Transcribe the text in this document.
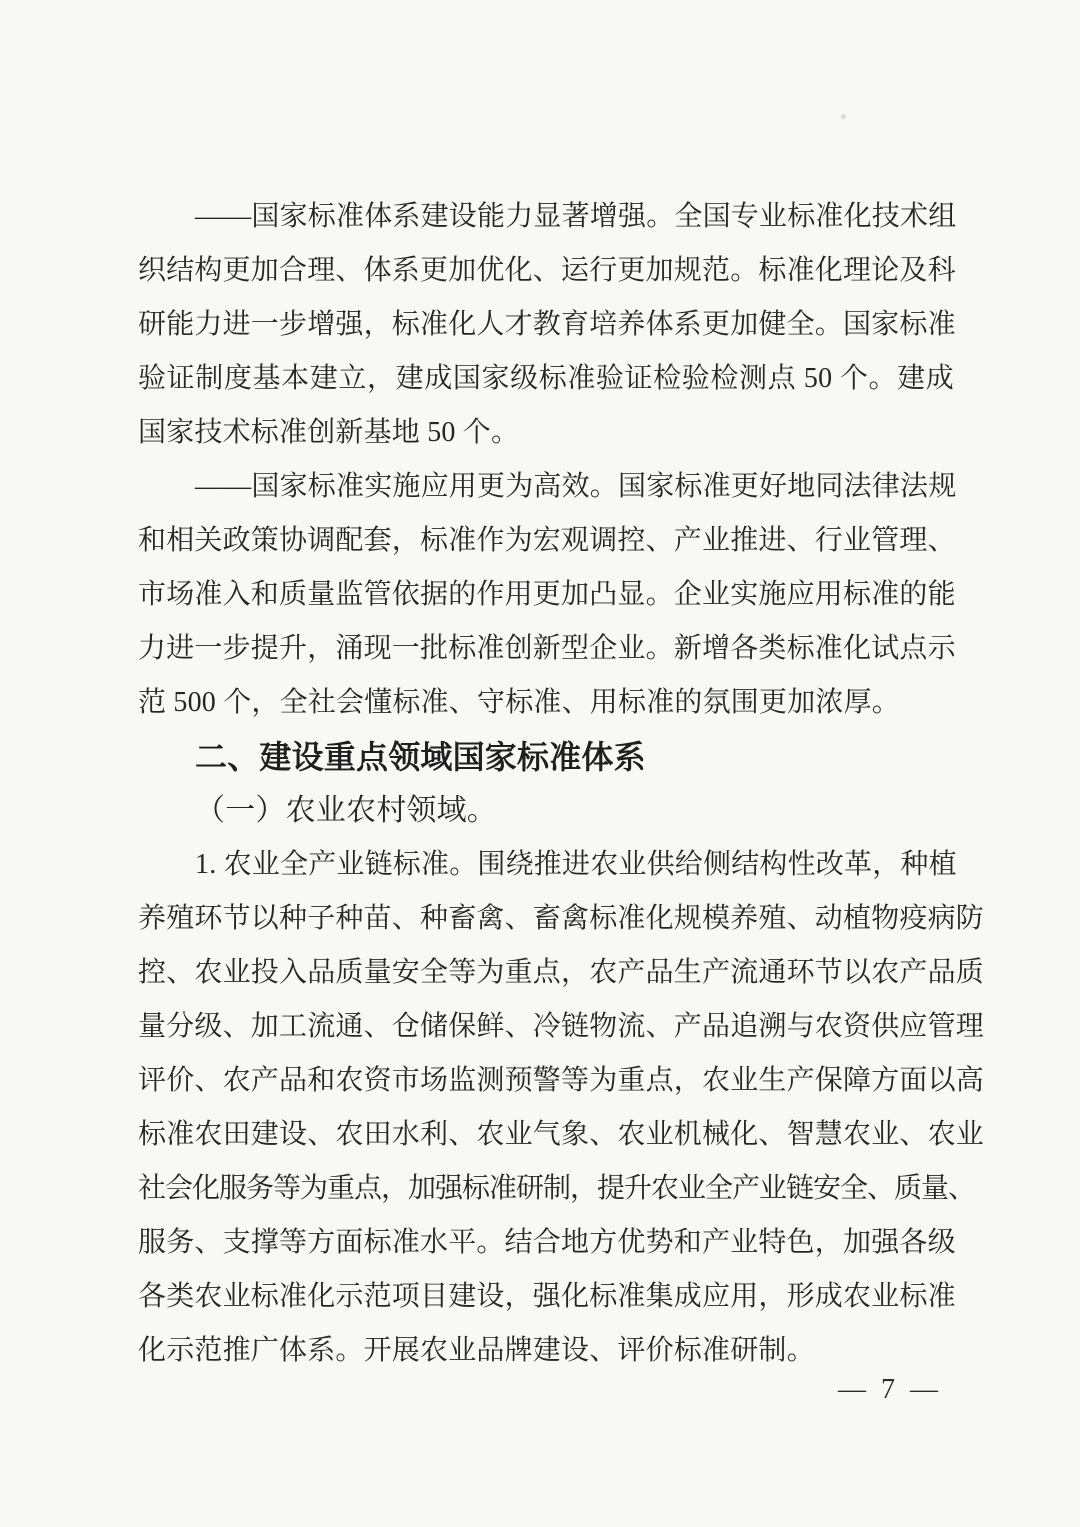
——国家标准体系建设能力显著增强。全国专业标准化技术组
织结构更加合理、体系更加优化、运行更加规范。标准化理论及科
研能力进一步增强，标准化人才教育培养体系更加健全。国家标准
验证制度基本建立，建成国家级标准验证检验检测点 50 个。建成
国家技术标准创新基地 50 个。
——国家标准实施应用更为高效。国家标准更好地同法律法规
和相关政策协调配套，标准作为宏观调控、产业推进、行业管理、
市场准入和质量监管依据的作用更加凸显。企业实施应用标准的能
力进一步提升，涌现一批标准创新型企业。新增各类标准化试点示
范 500 个，全社会懂标准、守标准、用标准的氛围更加浓厚。
二、建设重点领域国家标准体系
（一）农业农村领域。
1. 农业全产业链标准。围绕推进农业供给侧结构性改革，种植
养殖环节以种子种苗、种畜禽、畜禽标准化规模养殖、动植物疫病防
控、农业投入品质量安全等为重点，农产品生产流通环节以农产品质
量分级、加工流通、仓储保鲜、冷链物流、产品追溯与农资供应管理
评价、农产品和农资市场监测预警等为重点，农业生产保障方面以高
标准农田建设、农田水利、农业气象、农业机械化、智慧农业、农业
社会化服务等为重点，加强标准研制，提升农业全产业链安全、质量、
服务、支撑等方面标准水平。结合地方优势和产业特色，加强各级
各类农业标准化示范项目建设，强化标准集成应用，形成农业标准
化示范推广体系。开展农业品牌建设、评价标准研制。
— 7 —
